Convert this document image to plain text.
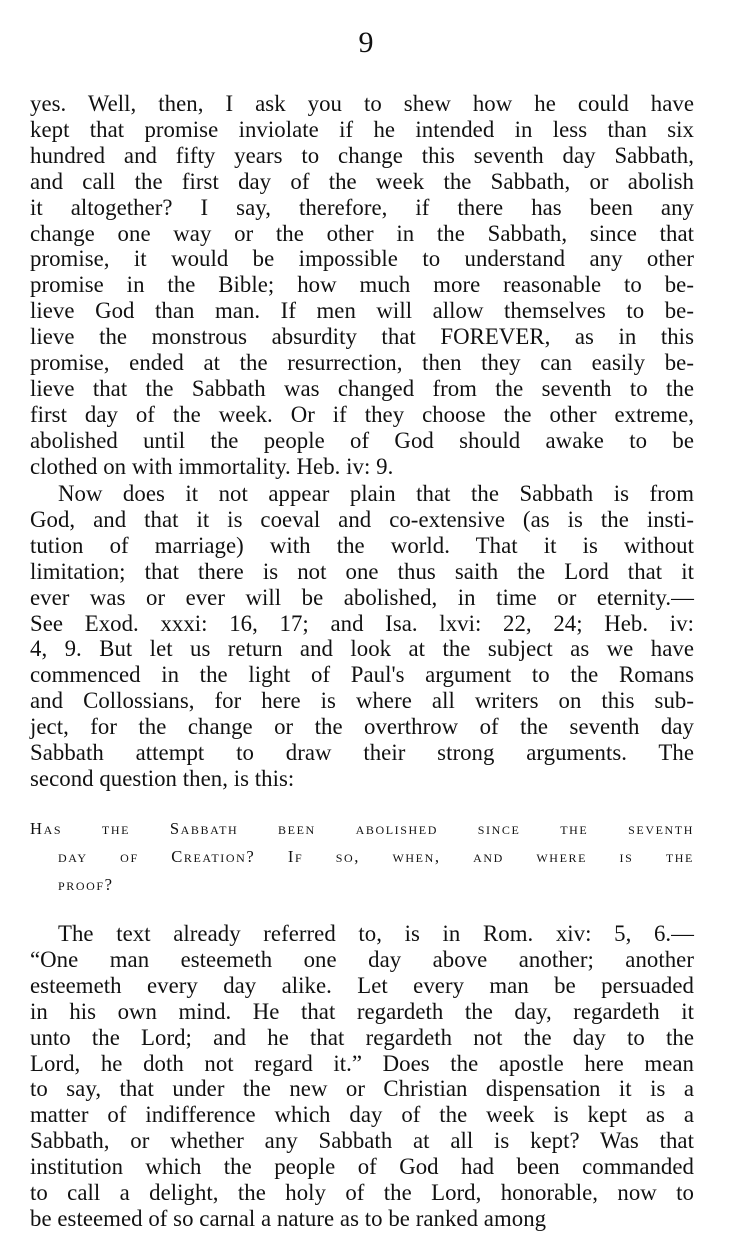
9
yes. Well, then, I ask you to shew how he could have
kept that promise inviolate if he intended in less than six
hundred and fifty years to change this seventh day Sabbath,
and call the first day of the week the Sabbath, or abolish
it altogether? I say, therefore, if there has been any
change one way or the other in the Sabbath, since that
promise, it would be impossible to understand any other
promise in the Bible; how much more reasonable to be-
lieve God than man. If men will allow themselves to be-
lieve the monstrous absurdity that FOREVER, as in this
promise, ended at the resurrection, then they can easily be-
lieve that the Sabbath was changed from the seventh to the
first day of the week. Or if they choose the other extreme,
abolished until the people of God should awake to be
clothed on with immortality. Heb. iv: 9.
Now does it not appear plain that the Sabbath is from
God, and that it is coeval and co-extensive (as is the insti-
tution of marriage) with the world. That it is without
limitation; that there is not one thus saith the Lord that it
ever was or ever will be abolished, in time or eternity.—
See Exod. xxxi: 16, 17; and Isa. lxvi: 22, 24; Heb. iv:
4, 9. But let us return and look at the subject as we have
commenced in the light of Paul's argument to the Romans
and Collossians, for here is where all writers on this sub-
ject, for the change or the overthrow of the seventh day
Sabbath attempt to draw their strong arguments. The
second question then, is this:
Has the Sabbath been abolished since the seventh
day of Creation? If so, when, and where is the
proof?
The text already referred to, is in Rom. xiv: 5, 6.—
“One man esteemeth one day above another; another
esteemeth every day alike. Let every man be persuaded
in his own mind. He that regardeth the day, regardeth it
unto the Lord; and he that regardeth not the day to the
Lord, he doth not regard it.” Does the apostle here mean
to say, that under the new or Christian dispensation it is a
matter of indifference which day of the week is kept as a
Sabbath, or whether any Sabbath at all is kept? Was that
institution which the people of God had been commanded
to call a delight, the holy of the Lord, honorable, now to
be esteemed of so carnal a nature as to be ranked among
